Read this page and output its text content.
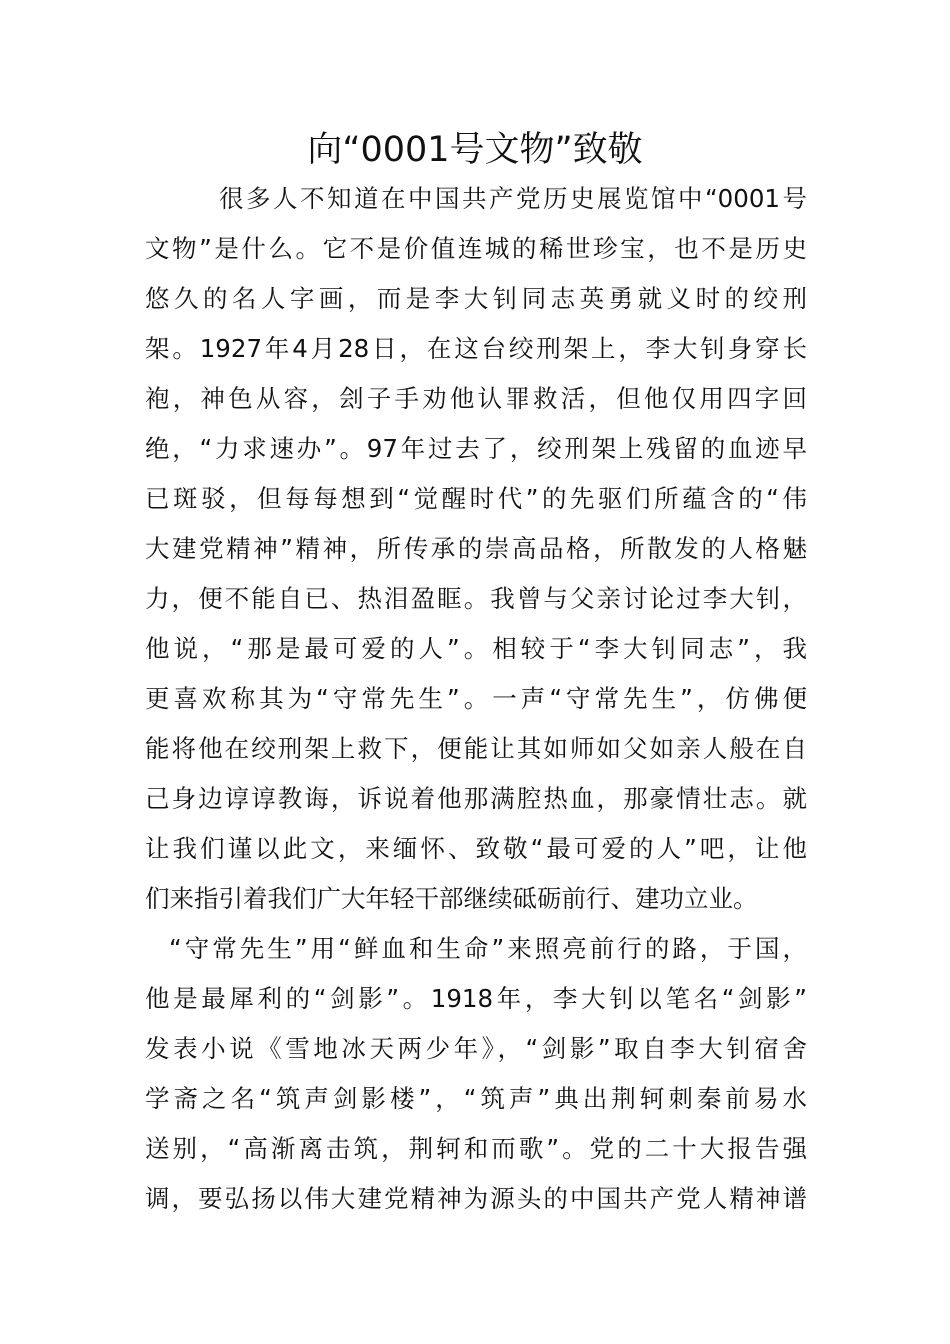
向“0001号文物”致敬
很多人不知道在中国共产党历史展览馆中“0001号
文物”是什么。它不是价值连城的稀世珍宝，也不是历史
悠久的名人字画，而是李大钊同志英勇就义时的绞刑
架。1927年4月28日，在这台绞刑架上，李大钊身穿长
袍，神色从容，刽子手劝他认罪救活，但他仅用四字回
绝，“力求速办”。97年过去了，绞刑架上残留的血迹早
已斑驳，但每每想到“觉醒时代”的先驱们所蕴含的“伟
大建党精神”精神，所传承的崇高品格，所散发的人格魅
力，便不能自已、热泪盈眶。我曾与父亲讨论过李大钊，
他说，“那是最可爱的人”。相较于“李大钊同志”，我
更喜欢称其为“守常先生”。一声“守常先生”，仿佛便
能将他在绞刑架上救下，便能让其如师如父如亲人般在自
己身边谆谆教诲，诉说着他那满腔热血，那豪情壮志。就
让我们谨以此文，来缅怀、致敬“最可爱的人”吧，让他
们来指引着我们广大年轻干部继续砥砺前行、建功立业。
“守常先生”用“鲜血和生命”来照亮前行的路，于国，
他是最犀利的“剑影”。1918年，李大钊以笔名“剑影”
发表小说《雪地冰天两少年》，“剑影”取自李大钊宿舍
学斋之名“筑声剑影楼”，“筑声”典出荆轲刺秦前易水
送别，“高渐离击筑，荆轲和而歌”。党的二十大报告强
调，要弘扬以伟大建党精神为源头的中国共产党人精神谱
